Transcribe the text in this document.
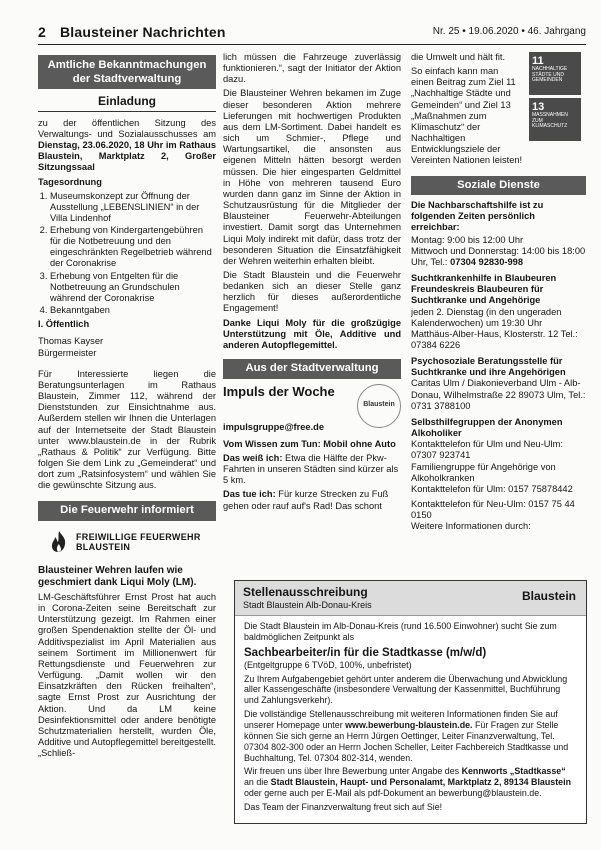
2 Blausteiner Nachrichten	Nr. 25 • 19.06.2020 • 46. Jahrgang
Amtliche Bekanntmachungen der Stadtverwaltung
Einladung

zu der öffentlichen Sitzung des Verwaltungs- und Sozialausschusses am Dienstag, 23.06.2020, 18 Uhr im Rathaus Blaustein, Marktplatz 2, Großer Sitzungssaal

Tagesordnung

1. Museumskonzept zur Öffnung der Ausstellung „LEBENSLINIEN“ in der Villa Lindenhof
2. Erhebung von Kindergartengebühren für die Notbetreuung und den eingeschränkten Regelbetrieb während der Coronakrise
3. Erhebung von Entgelten für die Notbetreuung an Grundschulen während der Coronakrise
4. Bekanntgaben

I. Öffentlich

Thomas Kayser

Bürgermeister

Für Interessierte liegen die Beratungsunterlagen im Rathaus Blaustein, Zimmer 112, während der Dienststunden zur Einsichtnahme aus. Außerdem stellen wir Ihnen die Unterlagen auf der Internetseite der Stadt Blaustein unter www.blaustein.de in der Rubrik „Rathaus & Politik“ zur Verfügung. Bitte folgen Sie dem Link zu „Gemeinderat“ und dort zum „Ratsinfosystem“ und wählen Sie die gewünschte Sitzung aus.

Die Feuerwehr informiert
FREIWILLIGE FEUERWEHR
BLAUSTEIN

Blausteiner Wehren laufen wie geschmiert dank Liqui Moly (LM).

LM-Geschäftsführer Ernst Prost hat auch in Corona-Zeiten seine Bereitschaft zur Unterstützung gezeigt. Im Rahmen einer großen Spendenaktion stellte der Öl- und Additivspezialist im April Materialien aus seinem Sortiment im Millionenwert für Rettungsdienste und Feuerwehren zur Verfügung. „Damit wollen wir den Einsatzkräften den Rücken freihalten“, sagte Ernst Prost zur Ausrichtung der Aktion. Und da LM keine Desinfektionsmittel oder andere benötigte Schutzmaterialien herstellt, wurden Öle, Additive und Autopflegemittel bereitgestellt. „Schließ-

lich müssen die Fahrzeuge zuverlässig funktionieren.“, sagt der Initiator der Aktion dazu.

Die Blausteiner Wehren bekamen im Zuge dieser besonderen Aktion mehrere Lieferungen mit hochwertigen Produkten aus dem LM-Sortiment. Dabei handelt es sich um Schmier-, Pflege und Wartungsartikel, die ansonsten aus eigenen Mitteln hätten besorgt werden müssen. Die hier eingesparten Geldmittel in Höhe von mehreren tausend Euro wurden dann ganz im Sinne der Aktion in Schutzausrüstung für die Mitglieder der Blausteiner Feuerwehr-Abteilungen investiert. Damit sorgt das Unternehmen Liqui Moly indirekt mit dafür, dass trotz der besonderen Situation die Einsatzfähigkeit der Wehren weiterhin erhalten bleibt.

Die Stadt Blaustein und die Feuerwehr bedanken sich an dieser Stelle ganz herzlich für dieses außerordentliche Engagement!

Danke Liqui Moly für die großzügige Unterstützung mit Öle, Additive und anderen Autopflegemittel.

Aus der Stadtverwaltung
Impuls der Woche
Blaustein

impulsgruppe@free.de

Vom Wissen zum Tun: Mobil ohne Auto

Das weiß ich: Etwa die Hälfte der Pkw-Fahrten in unseren Städten sind kürzer als 5 km.

Das tue ich: Für kurze Strecken zu Fuß gehen oder rauf auf's Rad! Das schont

die Umwelt und hält fit.

So einfach kann man einen Beitrag zum Ziel 11 „Nachhaltige Städte und Gemeinden“ und Ziel 13 „Maßnahmen zum Klimaschutz“ der Nachhaltigen Entwicklungsziele der Vereinten Nationen leisten!

11
NACHHALTIGE STÄDTE UND GEMEINDEN
13
MASSNAHMEN ZUM KLIMASCHUTZ
Soziale Dienste

Die Nachbarschaftshilfe ist zu folgenden Zeiten persönlich erreichbar:

Montag: 9:00 bis 12:00 Uhr

Mittwoch und Donnerstag: 14:00 bis 18:00 Uhr, Tel.: 07304 92830-998

Suchtkrankenhilfe in Blaubeuren Freundeskreis Blaubeuren für Suchtkranke und Angehörige

jeden 2. Dienstag (in den ungeraden Kalenderwochen) um 19:30 Uhr Matthäus-Alber-Haus, Klosterstr. 12 Tel.: 07384 6226

Psychosoziale Beratungsstelle für Suchtkranke und ihre Angehörigen

Caritas Ulm / Diakonieverband Ulm - Alb-Donau, Wilhelmstraße 22 89073 Ulm, Tel.: 0731 3788100

Selbsthilfegruppen der Anonymen Alkoholiker

Kontakttelefon für Ulm und Neu-Ulm: 07307 923741

Familiengruppe für Angehörige von Alkoholkranken

Kontakttelefon für Ulm: 0157 75878442

Kontakttelefon für Neu-Ulm: 0157 75 44 0150

Weitere Informationen durch:

Stellenausschreibung
Stadt Blaustein Alb-Donau-Kreis
Blaustein

Die Stadt Blaustein im Alb-Donau-Kreis (rund 16.500 Einwohner) sucht Sie zum baldmöglichen Zeitpunkt als

Sachbearbeiter/in für die Stadtkasse (m/w/d)

(Entgeltgruppe 6 TVöD, 100%, unbefristet)

Zu Ihrem Aufgabengebiet gehört unter anderem die Überwachung und Abwicklung aller Kassengeschäfte (insbesondere Verwaltung der Kassenmittel, Buchführung und Zahlungsverkehr).

Die vollständige Stellenausschreibung mit weiteren Informationen finden Sie auf unserer Homepage unter www.bewerbung-blaustein.de. Für Fragen zur Stelle können Sie sich gerne an Herrn Jürgen Oettinger, Leiter Finanzverwaltung, Tel. 07304 802-300 oder an Herrn Jochen Scheller, Leiter Fachbereich Stadtkasse und Buchhaltung, Tel. 07304 802-314, wenden.

Wir freuen uns über Ihre Bewerbung unter Angabe des Kennworts „Stadtkasse“ an die Stadt Blaustein, Haupt- und Personalamt, Marktplatz 2, 89134 Blaustein oder gerne auch per E-Mail als pdf-Dokument an bewerbung@blaustein.de.

Das Team der Finanzverwaltung freut sich auf Sie!
